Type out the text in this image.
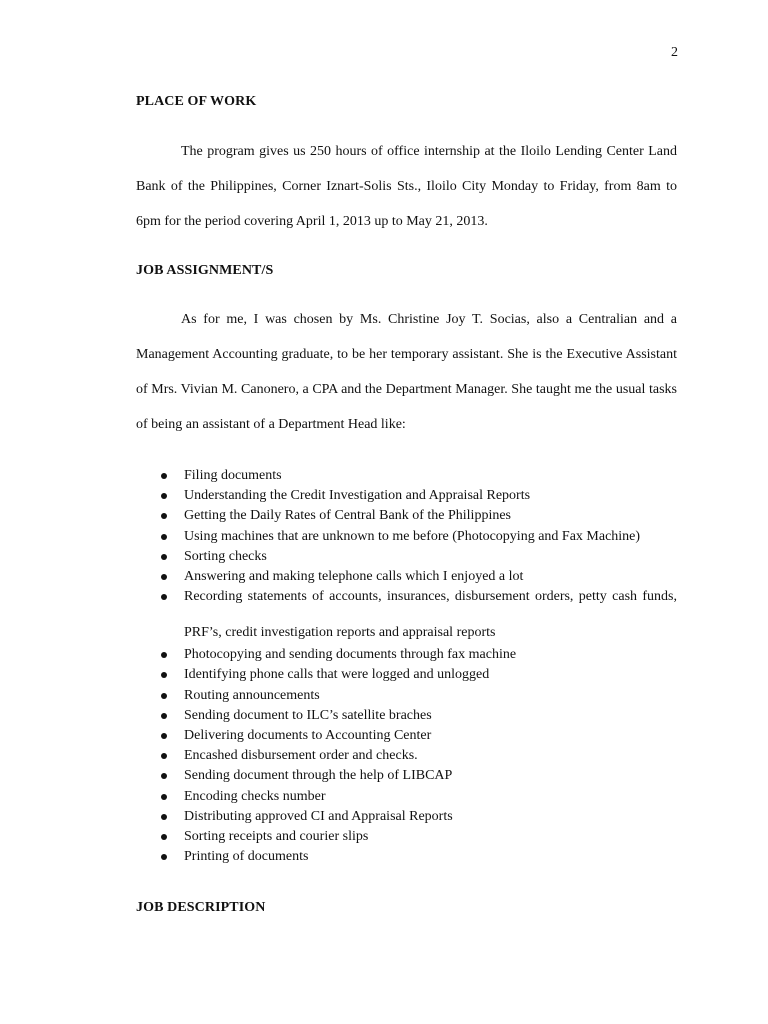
2
PLACE OF WORK

The program gives us 250 hours of office internship at the Iloilo Lending Center Land Bank of the Philippines, Corner Iznart-Solis Sts., Iloilo City Monday to Friday, from 8am to 6pm for the period covering April 1, 2013 up to May 21, 2013.

JOB ASSIGNMENT/S

As for me, I was chosen by Ms. Christine Joy T. Socias, also a Centralian and a Management Accounting graduate, to be her temporary assistant. She is the Executive Assistant of Mrs. Vivian M. Canonero, a CPA and the Department Manager. She taught me the usual tasks of being an assistant of a Department Head like:

Filing documents
Understanding the Credit Investigation and Appraisal Reports
Getting the Daily Rates of Central Bank of the Philippines
Using machines that are unknown to me before (Photocopying and Fax Machine)
Sorting checks
Answering and making telephone calls which I enjoyed a lot
Recording statements of accounts, insurances, disbursement orders, petty cash funds, PRF’s, credit investigation reports and appraisal reports
Photocopying and sending documents through fax machine
Identifying phone calls that were logged and unlogged
Routing announcements
Sending document to ILC’s satellite braches
Delivering documents to Accounting Center
Encashed disbursement order and checks.
Sending document through the help of LIBCAP
Encoding checks number
Distributing approved CI and Appraisal Reports
Sorting receipts and courier slips
Printing of documents
JOB DESCRIPTION
